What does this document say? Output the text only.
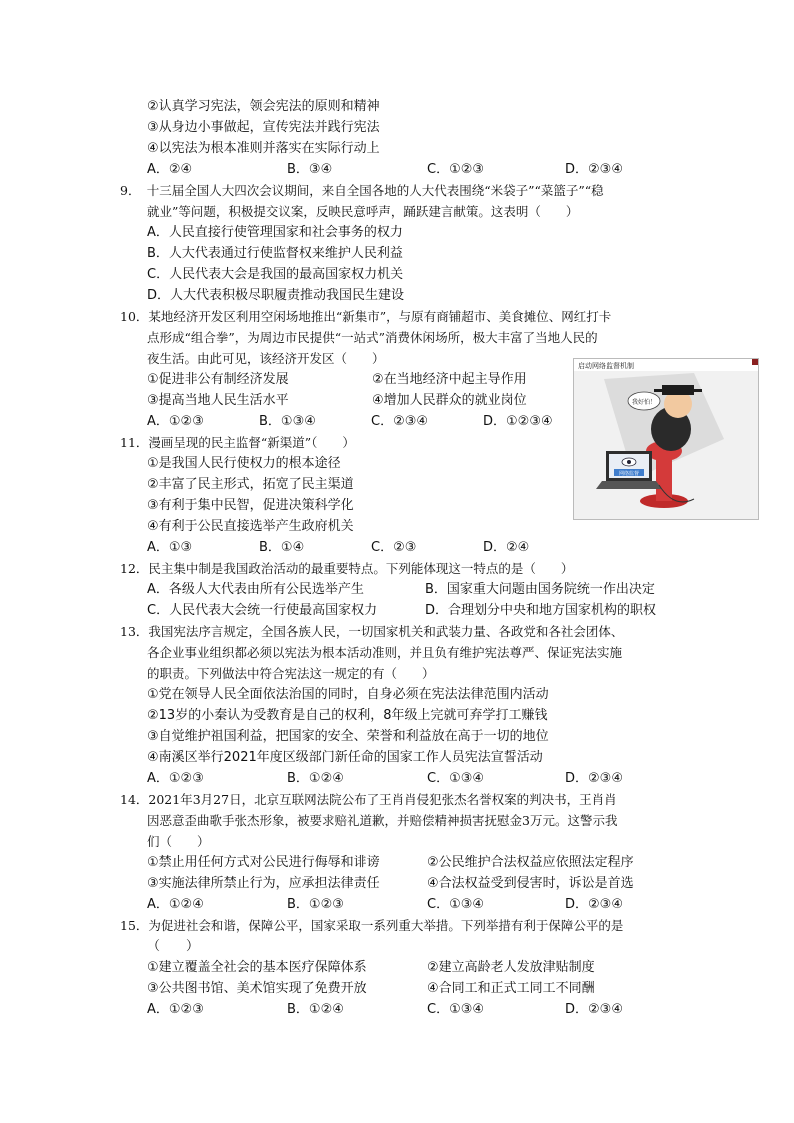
②认真学习宪法，领会宪法的原则和精神
③从身边小事做起，宣传宪法并践行宪法
④以宪法为根本准则并落实在实际行动上
A．②④	B．③④	C．①②③	D．②③④
9．　十三届全国人大四次会议期间，来自全国各地的人大代表围绕“米袋子”“菜篮子”“稳
就业”等问题，积极提交议案，反映民意呼声，踊跃建言献策。这表明（　　）
A．人民直接行使管理国家和社会事务的权力
B．人大代表通过行使监督权来维护人民利益
C．人民代表大会是我国的最高国家权力机关
D．人大代表积极尽职履责推动我国民生建设
10．某地经济开发区利用空闲场地推出“新集市”，与原有商铺超市、美食摊位、网红打卡
点形成“组合拳”，为周边市民提供“一站式”消费休闲场所，极大丰富了当地人民的
夜生活。由此可见，该经济开发区（　　）
①促进非公有制经济发展	②在当地经济中起主导作用
③提高当地人民生活水平	④增加人民群众的就业岗位
A．①②③	B．①③④	C．②③④	D．①②③④
11．漫画呈现的民主监督“新渠道”（　　）
①是我国人民行使权力的根本途径
②丰富了民主形式，拓宽了民主渠道
③有利于集中民智，促进决策科学化
④有利于公民直接选举产生政府机关
A．①③	B．①④	C．②③	D．②④
启动网络监督机制
我好怕！
网络监督
12．民主集中制是我国政治活动的最重要特点。下列能体现这一特点的是（　　）
A．各级人大代表由所有公民选举产生	B．国家重大问题由国务院统一作出决定
C．人民代表大会统一行使最高国家权力	D．合理划分中央和地方国家机构的职权
13．我国宪法序言规定，全国各族人民，一切国家机关和武装力量、各政党和各社会团体、
各企业事业组织都必须以宪法为根本活动准则，并且负有维护宪法尊严、保证宪法实施
的职责。下列做法中符合宪法这一规定的有（　　）
①党在领导人民全面依法治国的同时，自身必须在宪法法律范围内活动
②13岁的小秦认为受教育是自己的权利，8年级上完就可弃学打工赚钱
③自觉维护祖国利益，把国家的安全、荣誉和利益放在高于一切的地位
④南溪区举行2021年度区级部门新任命的国家工作人员宪法宣誓活动
A．①②③	B．①②④	C．①③④	D．②③④
14．2021年3月27日，北京互联网法院公布了王肖肖侵犯张杰名誉权案的判决书，王肖肖
因恶意歪曲歌手张杰形象，被要求赔礼道歉，并赔偿精神损害抚慰金3万元。这警示我
们（　　）
①禁止用任何方式对公民进行侮辱和诽谤	②公民维护合法权益应依照法定程序
③实施法律所禁止行为，应承担法律责任	④合法权益受到侵害时，诉讼是首选
A．①②④	B．①②③	C．①③④	D．②③④
15．为促进社会和谐，保障公平，国家采取一系列重大举措。下列举措有利于保障公平的是
（　　）
①建立覆盖全社会的基本医疗保障体系	②建立高龄老人发放津贴制度
③公共图书馆、美术馆实现了免费开放	④合同工和正式工同工不同酬
A．①②③	B．①②④	C．①③④	D．②③④
